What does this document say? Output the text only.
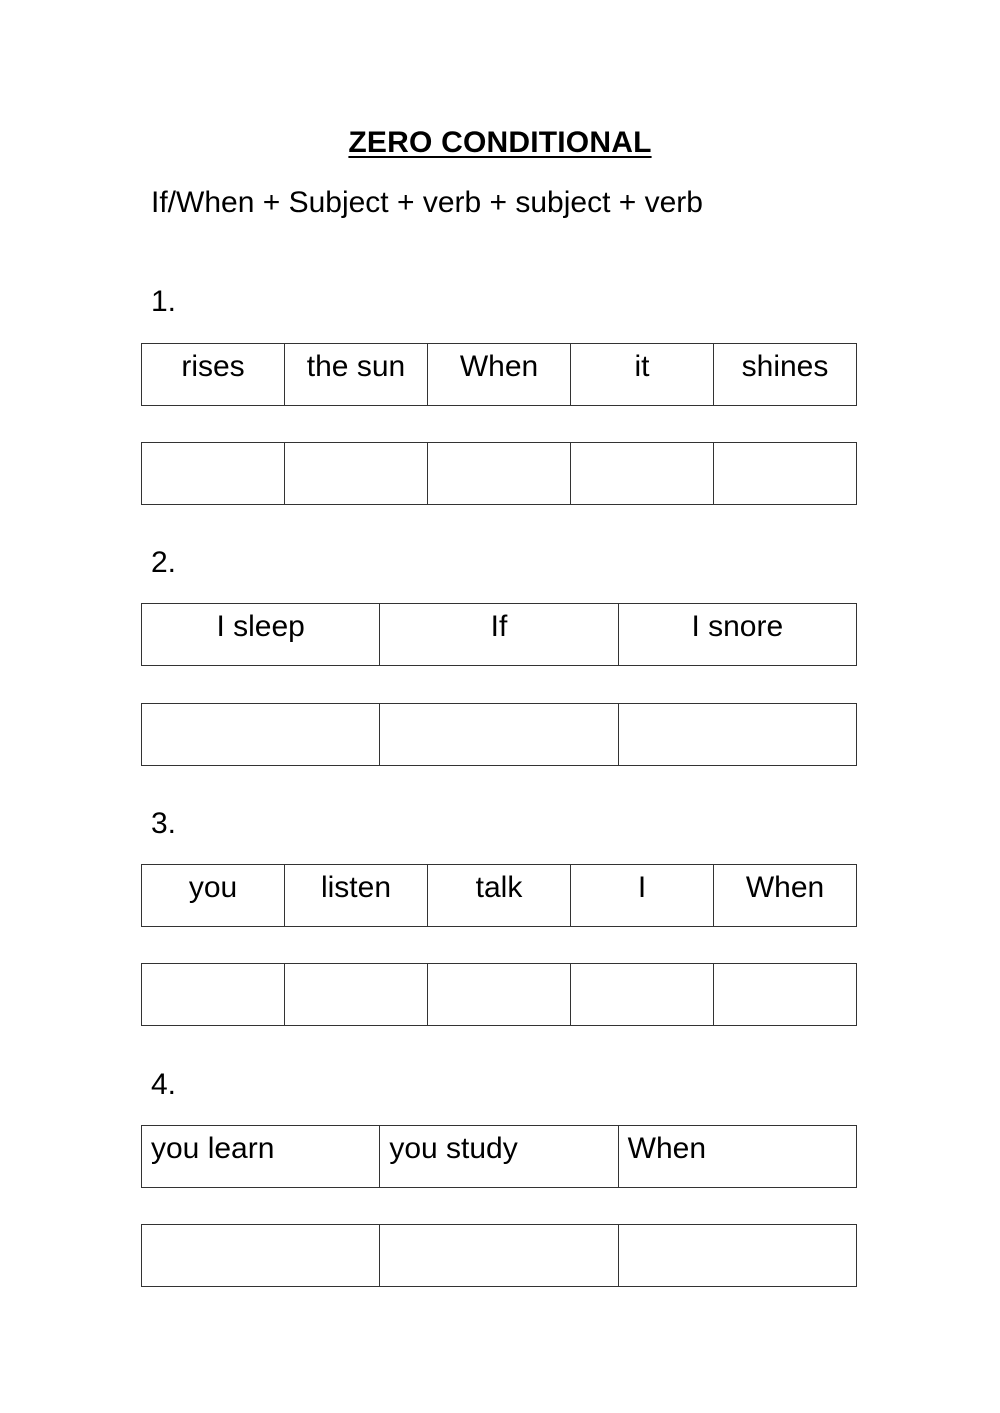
ZERO CONDITIONAL
If/When + Subject + verb + subject + verb
1.
rises	the sun	When	it	shines
2.
I sleep	If	I snore
3.
you	listen	talk	I	When
4.
you learn	you study	When
